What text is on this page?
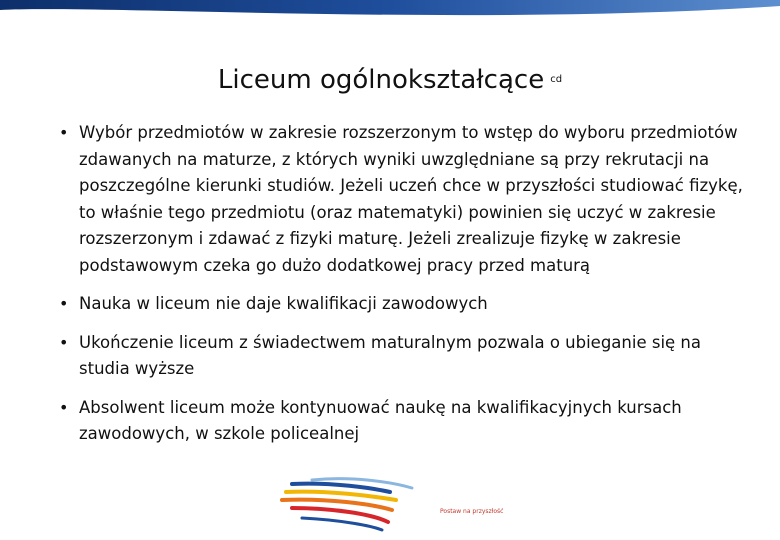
Liceum ogólnokształcące $^{cd}$
• Wybór przedmiotów w zakresie rozszerzonym to wstęp do wyboru przedmiotów zdawanych na maturze, z których wyniki uwzględniane są przy rekrutacji na poszczególne kierunki studiów. Jeżeli uczeń chce w przyszłości studiować fizykę, to właśnie tego przedmiotu (oraz matematyki) powinien się uczyć w zakresie rozszerzonym i zdawać z fizyki maturę. Jeżeli zrealizuje fizykę w zakresie podstawowym czeka go dużo dodatkowej pracy przed maturą
• Nauka w liceum nie daje kwalifikacji zawodowych
• Ukończenie liceum z świadectwem maturalnym pozwala o ubieganie się na studia wyższe
• Absolwent liceum może kontynuować naukę na kwalifikacyjnych kursach zawodowych, w szkole policealnej
Postaw na przyszłość
